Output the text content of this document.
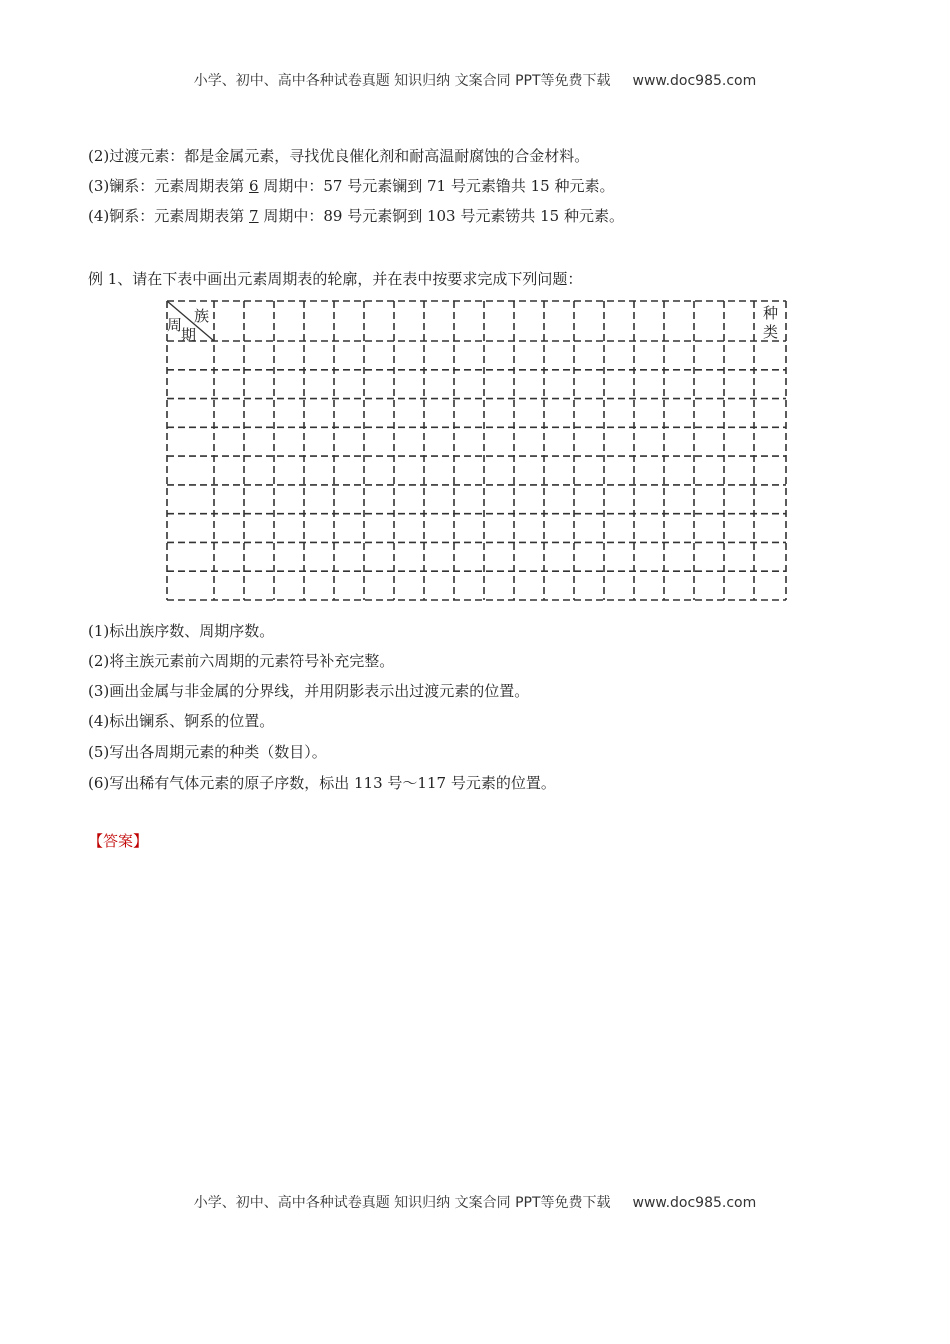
小学、初中、高中各种试卷真题 知识归纳 文案合同 PPT等免费下载 www.doc985.com
(2)过渡元素：都是金属元素，寻找优良催化剂和耐高温耐腐蚀的合金材料。
(3)镧系：元素周期表第 6 周期中：57 号元素镧到 71 号元素镥共 15 种元素。
(4)锕系：元素周期表第 7 周期中：89 号元素锕到 103 号元素铹共 15 种元素。
例 1、请在下表中画出元素周期表的轮廓，并在表中按要求完成下列问题：
族
周
期
种
类
(1)标出族序数、周期序数。
(2)将主族元素前六周期的元素符号补充完整。
(3)画出金属与非金属的分界线，并用阴影表示出过渡元素的位置。
(4)标出镧系、锕系的位置。
(5)写出各周期元素的种类（数目）。
(6)写出稀有气体元素的原子序数，标出 113 号～117 号元素的位置。
【答案】
小学、初中、高中各种试卷真题 知识归纳 文案合同 PPT等免费下载 www.doc985.com
